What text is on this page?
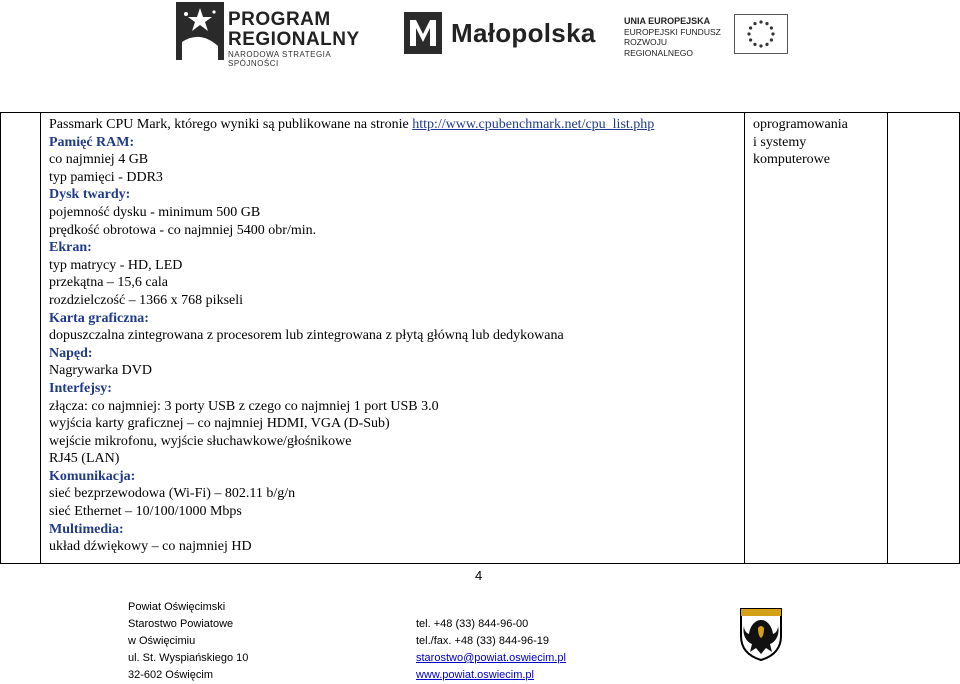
PROGRAM
REGIONALNY
NARODOWA STRATEGIA SPÓJNOŚCI
Małopolska	UNIA EUROPEJSKA
EUROPEJSKI FUNDUSZ
ROZWOJU REGIONALNEGO
Passmark CPU Mark, którego wyniki są publikowane na stronie http://www.cpubenchmark.net/cpu_list.php
Pamięć RAM:
co najmniej 4 GB
typ pamięci - DDR3
Dysk twardy:
pojemność dysku - minimum 500 GB
prędkość obrotowa - co najmniej 5400 obr/min.
Ekran:
typ matrycy - HD, LED
przekątna – 15,6 cala
rozdzielczość – 1366 x 768 pikseli
Karta graficzna:
dopuszczalna zintegrowana z procesorem lub zintegrowana z płytą główną lub dedykowana
Napęd:
Nagrywarka DVD
Interfejsy:
złącza: co najmniej: 3 porty USB z czego co najmniej 1 port USB 3.0
wyjścia karty graficznej – co najmniej HDMI, VGA (D-Sub)
wejście mikrofonu, wyjście słuchawkowe/głośnikowe
RJ45 (LAN)
Komunikacja:
sieć bezprzewodowa (Wi-Fi) – 802.11 b/g/n
sieć Ethernet – 10/100/1000 Mbps
Multimedia:
układ dźwiękowy – co najmniej HD
oprogramowania
i systemy
komputerowe
4
Powiat Oświęcimski
Starostwo Powiatowe
w Oświęcimiu
ul. St. Wyspiańskiego 10
32-602 Oświęcim
tel. +48 (33) 844-96-00
tel./fax. +48 (33) 844-96-19
starostwo@powiat.oswiecim.pl
www.powiat.oswiecim.pl
